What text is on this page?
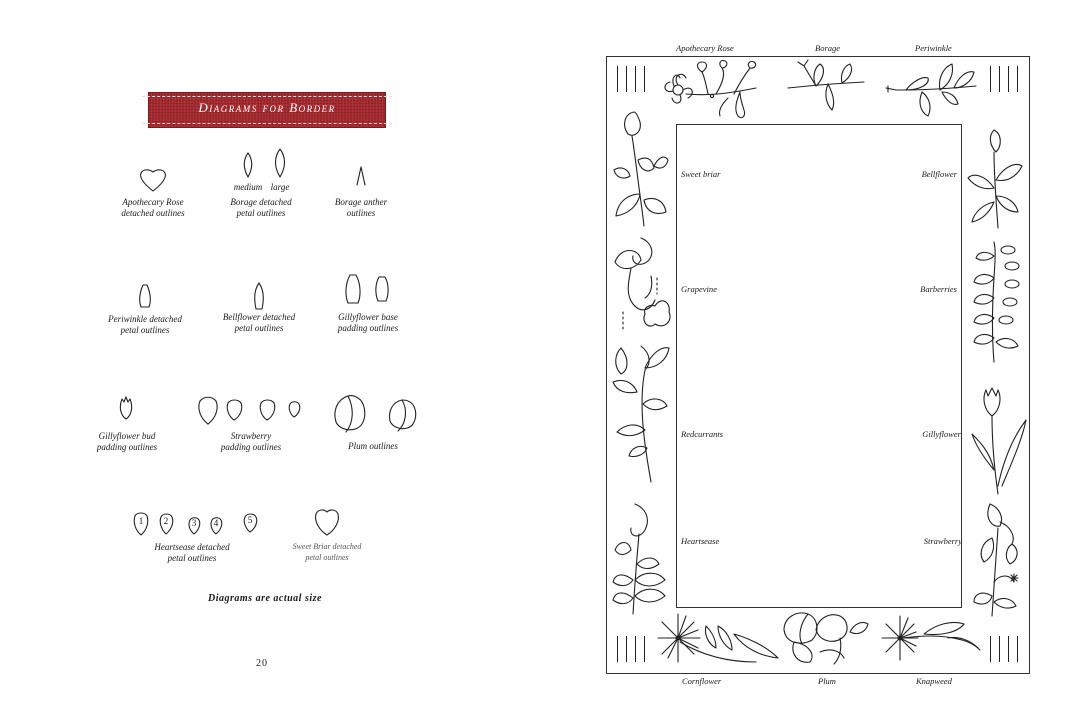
Diagrams for Border
Apothecary Rose
detached outlines
medium large
Borage detached
petal outlines
Borage anther
outlines
Periwinkle detached
petal outlines
Bellflower detached
petal outlines
Gillyflower base
padding outlines
Gillyflower bud
padding outlines
Strawberry
padding outlines	Plum outlines
1	2	3	4	5
Heartsease detached
petal outlines
Sweet Briar detached
petal outlines
Diagrams are actual size
20
Apothecary Rose	Borage	Periwinkle
Sweet briar
Grapevine
Redcurrants
Heartsease
Bellflower
Barberries
Gillyflower
Strawberry
Cornflower	Plum	Knapweed
